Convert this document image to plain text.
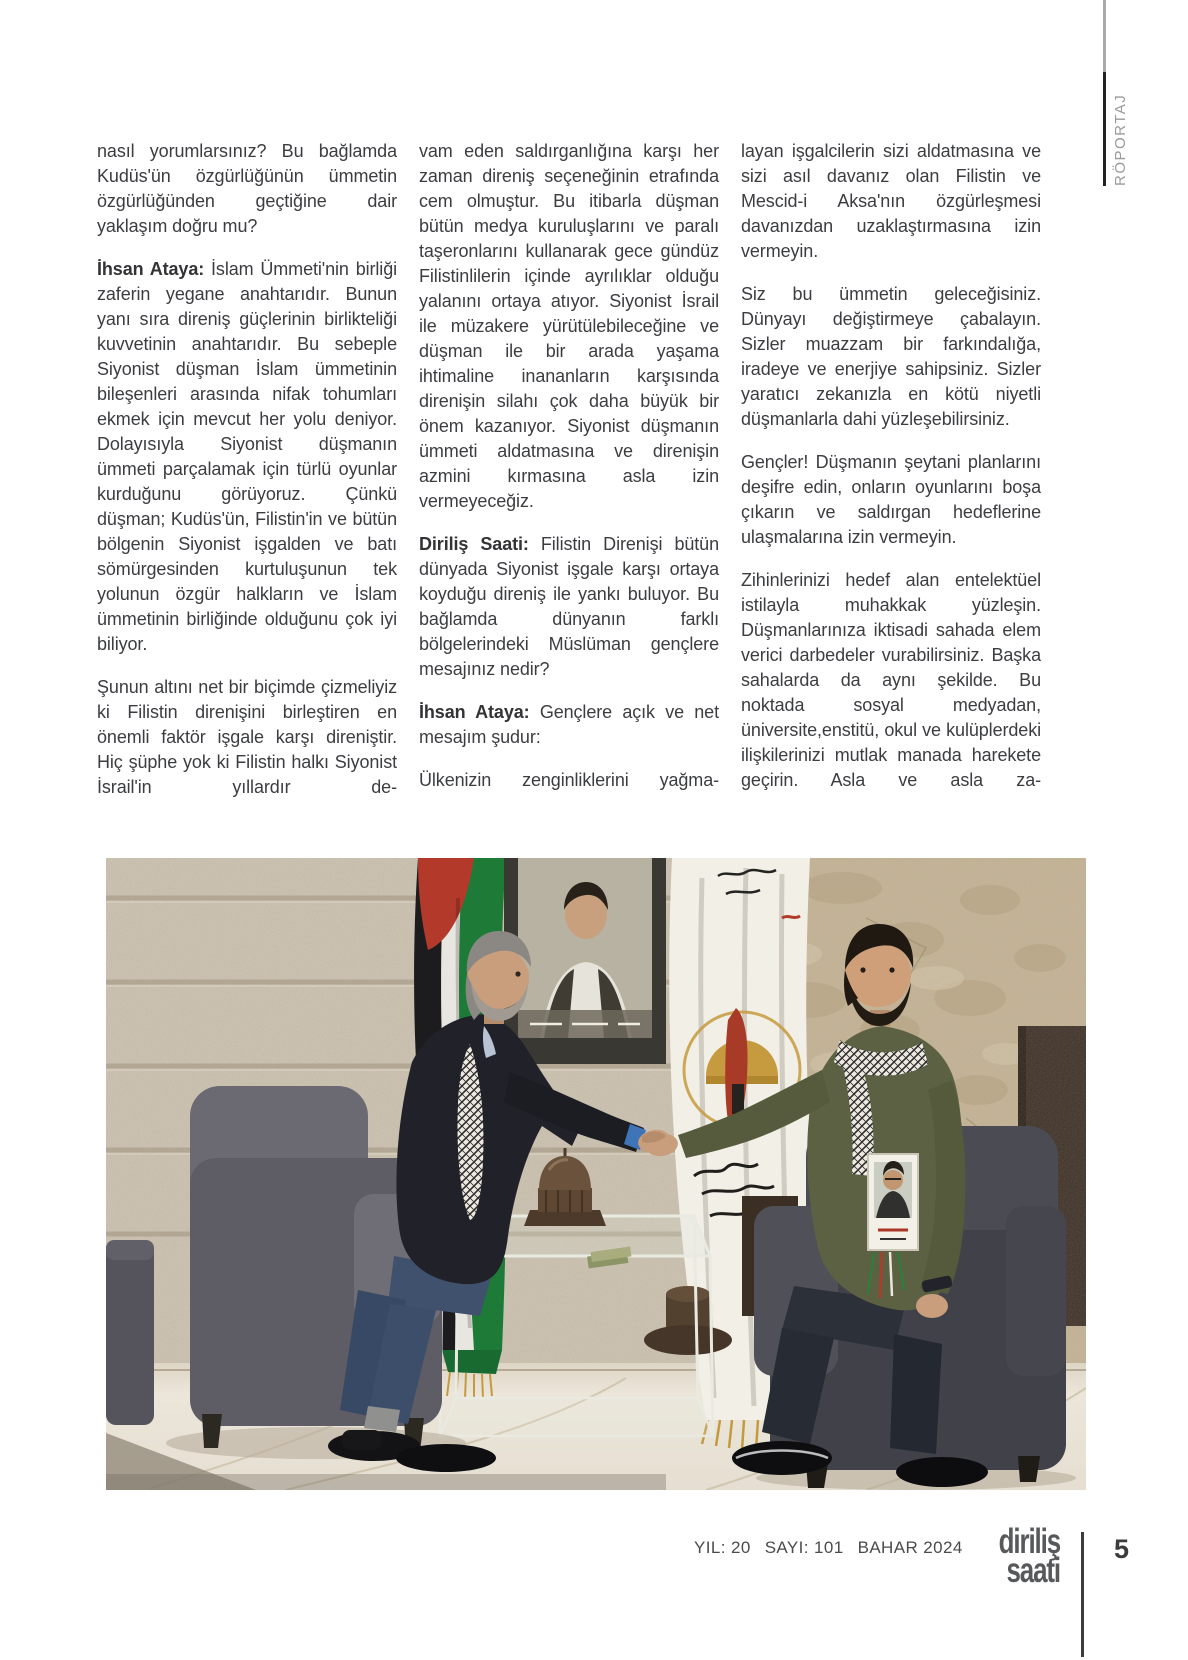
RÖPORTAJ

nasıl yorumlarsınız? Bu bağlamda Kudüs'ün özgürlüğünün ümmetin özgürlüğünden geçtiğine dair yaklaşım doğru mu?

İhsan Ataya: İslam Ümmeti'nin birliği zaferin yegane anahtarıdır. Bunun yanı sıra direniş güçlerinin birlikteliği kuvvetinin anahtarıdır. Bu sebeple Siyonist düşman İslam ümmetinin bileşenleri arasında nifak tohumları ekmek için mevcut her yolu deniyor. Dolayısıyla Siyonist düşmanın ümmeti parçalamak için türlü oyunlar kurduğunu görüyoruz. Çünkü düşman; Kudüs'ün, Filistin'in ve bütün bölgenin Siyonist işgalden ve batı sömürgesinden kurtuluşunun tek yolunun özgür halkların ve İslam ümmetinin birliğinde olduğunu çok iyi biliyor.

Şunun altını net bir biçimde çizmeliyiz ki Filistin direnişini birleştiren en önemli faktör işgale karşı direniştir. Hiç şüphe yok ki Filistin halkı Siyonist İsrail'in yıllardır de-

vam eden saldırganlığına karşı her zaman direniş seçeneğinin etrafında cem olmuştur. Bu itibarla düşman bütün medya kuruluşlarını ve paralı taşeronlarını kullanarak gece gündüz Filistinlilerin içinde ayrılıklar olduğu yalanını ortaya atıyor. Siyonist İsrail ile müzakere yürütülebileceğine ve düşman ile bir arada yaşama ihtimaline inananların karşısında direnişin silahı çok daha büyük bir önem kazanıyor. Siyonist düşmanın ümmeti aldatmasına ve direnişin azmini kırmasına asla izin vermeyeceğiz.

Diriliş Saati: Filistin Direnişi bütün dünyada Siyonist işgale karşı ortaya koyduğu direniş ile yankı buluyor. Bu bağlamda dünyanın farklı bölgelerindeki Müslüman gençlere mesajınız nedir?

İhsan Ataya: Gençlere açık ve net mesajım şudur:

Ülkenizin zenginliklerini yağma-

layan işgalcilerin sizi aldatmasına ve sizi asıl davanız olan Filistin ve Mescid-i Aksa'nın özgürleşmesi davanızdan uzaklaştırmasına izin vermeyin.

Siz bu ümmetin geleceğisiniz. Dünyayı değiştirmeye çabalayın. Sizler muazzam bir farkındalığa, iradeye ve enerjiye sahipsiniz. Sizler yaratıcı zekanızla en kötü niyetli düşmanlarla dahi yüzleşebilirsiniz.

Gençler! Düşmanın şeytani planlarını deşifre edin, onların oyunlarını boşa çıkarın ve saldırgan hedeflerine ulaşmalarına izin vermeyin.

Zihinlerinizi hedef alan entelektüel istilayla muhakkak yüzleşin. Düşmanlarınıza iktisadi sahada elem verici darbedeler vurabilirsiniz. Başka sahalarda da aynı şekilde. Bu noktada sosyal medyadan, üniversite,enstitü, okul ve kulüplerdeki ilişkilerinizi mutlak manada harekete geçirin. Asla ve asla za-

YIL: 20 SAYI: 101 BAHAR 2024	diriliş
saati
5
